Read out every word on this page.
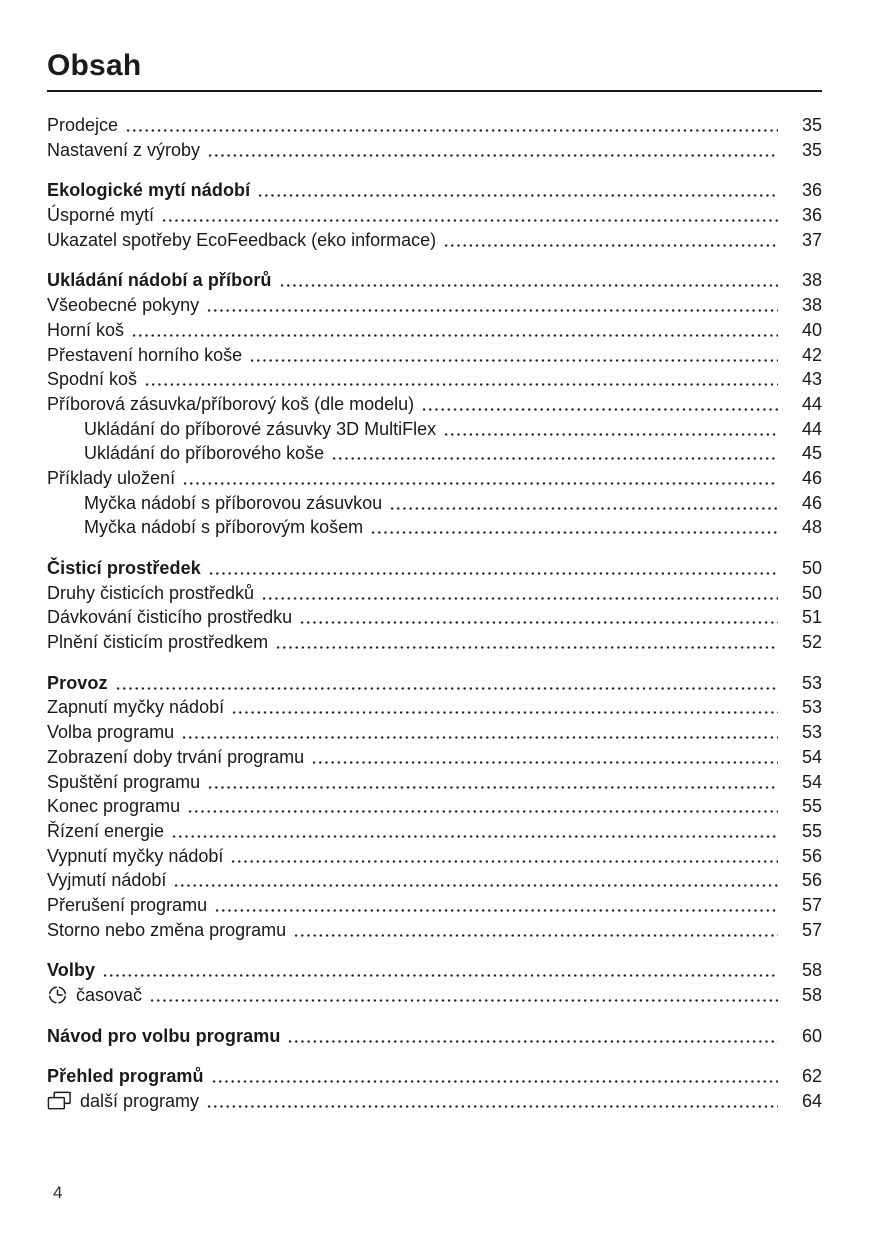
Obsah
Prodejce	35
Nastavení z výroby	35
Ekologické mytí nádobí	36
Úsporné mytí	36
Ukazatel spotřeby EcoFeedback (eko informace)	37
Ukládání nádobí a příborů	38
Všeobecné pokyny	38
Horní koš	40
Přestavení horního koše	42
Spodní koš	43
Příborová zásuvka/příborový koš (dle modelu)	44
Ukládání do příborové zásuvky 3D MultiFlex	44
Ukládání do příborového koše	45
Příklady uložení	46
Myčka nádobí s příborovou zásuvkou	46
Myčka nádobí s příborovým košem	48
Čisticí prostředek	50
Druhy čisticích prostředků	50
Dávkování čisticího prostředku	51
Plnění čisticím prostředkem	52
Provoz	53
Zapnutí myčky nádobí	53
Volba programu	53
Zobrazení doby trvání programu	54
Spuštění programu	54
Konec programu	55
Řízení energie	55
Vypnutí myčky nádobí	56
Vyjmutí nádobí	56
Přerušení programu	57
Storno nebo změna programu	57
Volby	58
časovač	58
Návod pro volbu programu	60
Přehled programů	62
další programy	64
4
